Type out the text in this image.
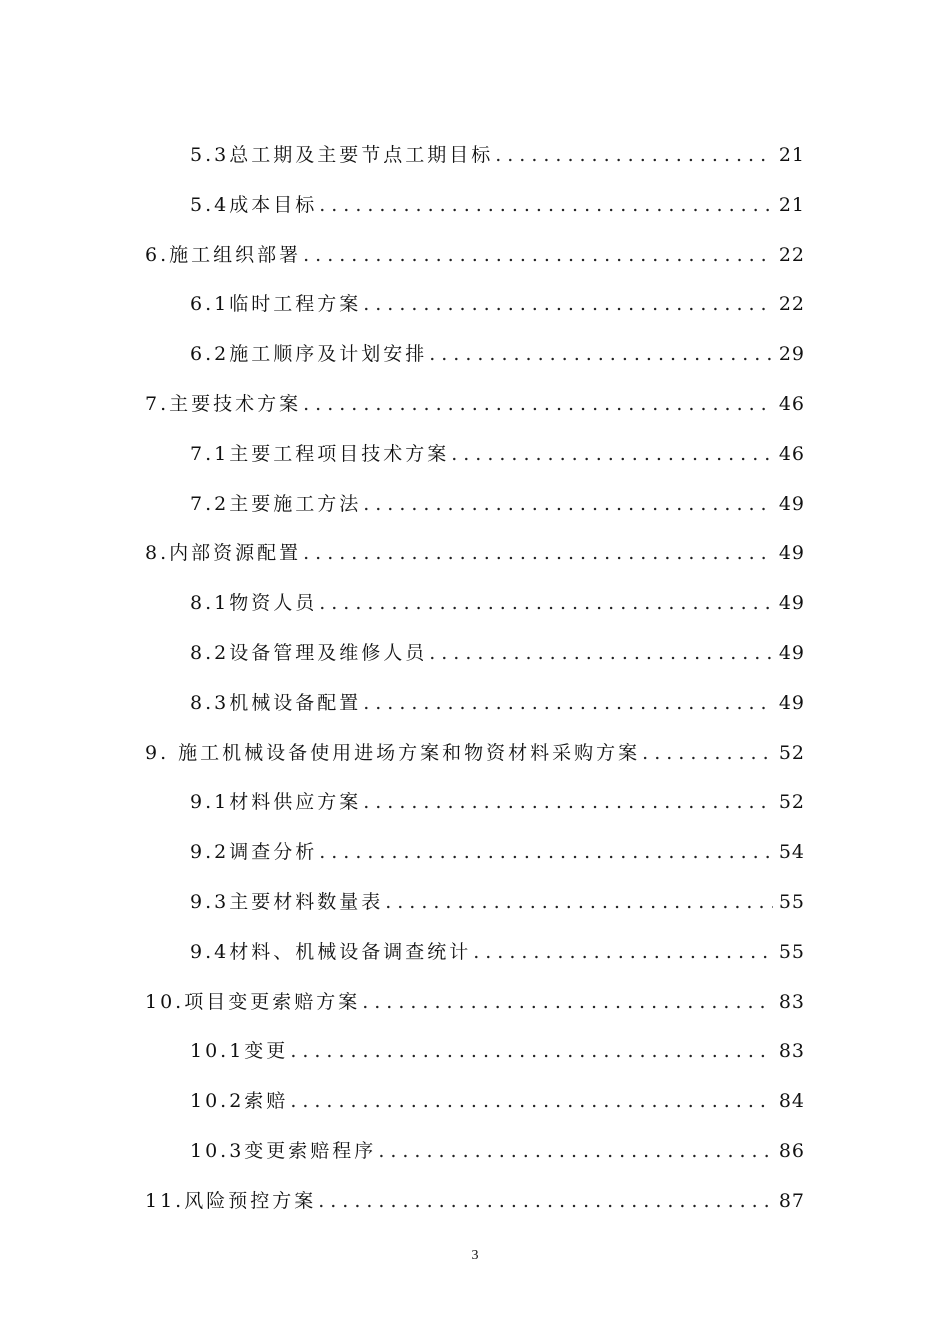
5.3总工期及主要节点工期目标 .....	21
5.4成本目标 .....	21
6.施工组织部署 .....	22
6.1临时工程方案 .....	22
6.2施工顺序及计划安排 .....	29
7.主要技术方案 .....	46
7.1主要工程项目技术方案 .....	46
7.2主要施工方法 .....	49
8.内部资源配置 .....	49
8.1物资人员 .....	49
8.2设备管理及维修人员 .....	49
8.3机械设备配置 .....	49
9. 施工机械设备使用进场方案和物资材料采购方案 .....	52
9.1材料供应方案 .....	52
9.2调查分析 .....	54
9.3主要材料数量表 .....	55
9.4材料、机械设备调查统计 .....	55
10.项目变更索赔方案 .....	83
10.1变更 .....	83
10.2索赔 .....	84
10.3变更索赔程序 .....	86
11.风险预控方案 .....	87
3
